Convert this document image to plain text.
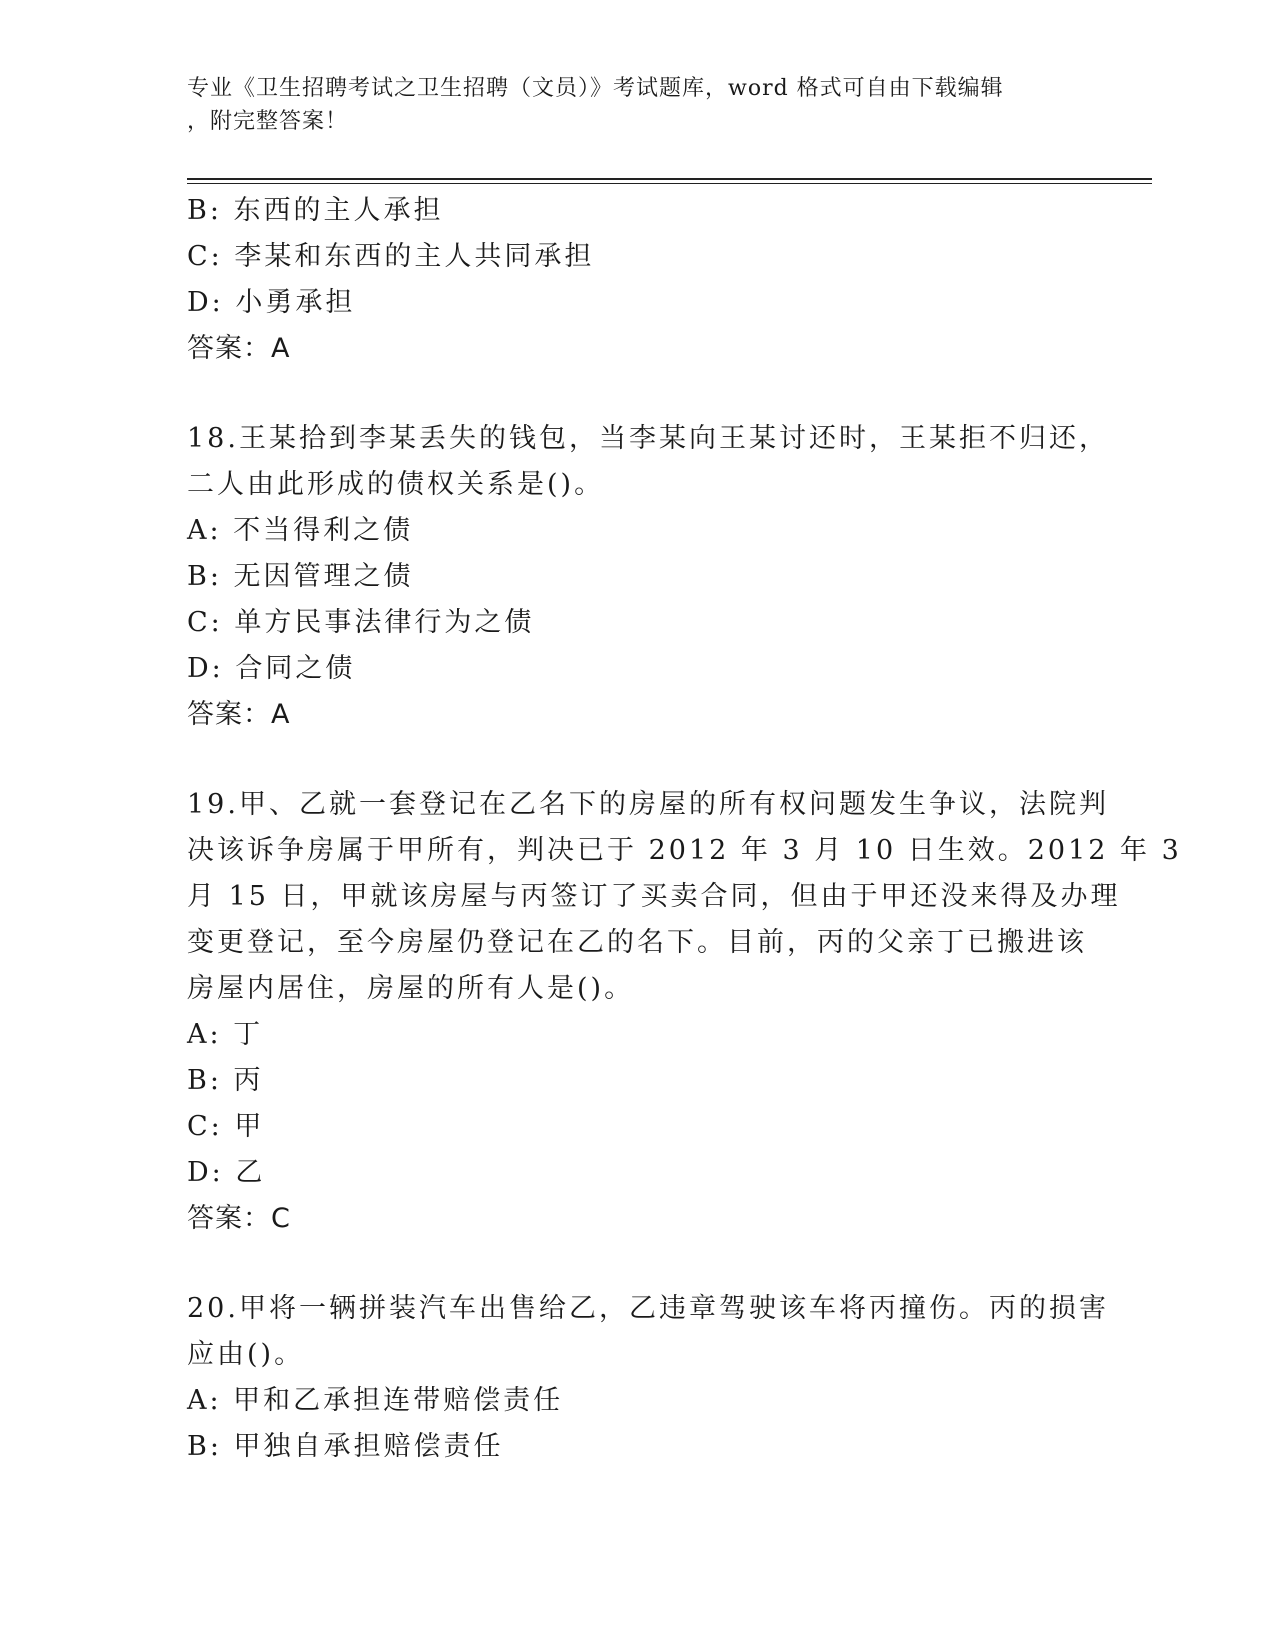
专业《卫生招聘考试之卫生招聘（文员）》考试题库，word 格式可自由下载编辑
，附完整答案！
B: 东西的主人承担
C: 李某和东西的主人共同承担
D: 小勇承担
答案：A
18.王某拾到李某丢失的钱包，当李某向王某讨还时，王某拒不归还，
二人由此形成的债权关系是()。
A: 不当得利之债
B: 无因管理之债
C: 单方民事法律行为之债
D: 合同之债
答案：A
19.甲、乙就一套登记在乙名下的房屋的所有权问题发生争议，法院判
决该诉争房属于甲所有，判决已于 2012 年 3 月 10 日生效。2012 年 3
月 15 日，甲就该房屋与丙签订了买卖合同，但由于甲还没来得及办理
变更登记，至今房屋仍登记在乙的名下。目前，丙的父亲丁已搬进该
房屋内居住，房屋的所有人是()。
A: 丁
B: 丙
C: 甲
D: 乙
答案：C
20.甲将一辆拼装汽车出售给乙，乙违章驾驶该车将丙撞伤。丙的损害
应由()。
A: 甲和乙承担连带赔偿责任
B: 甲独自承担赔偿责任
